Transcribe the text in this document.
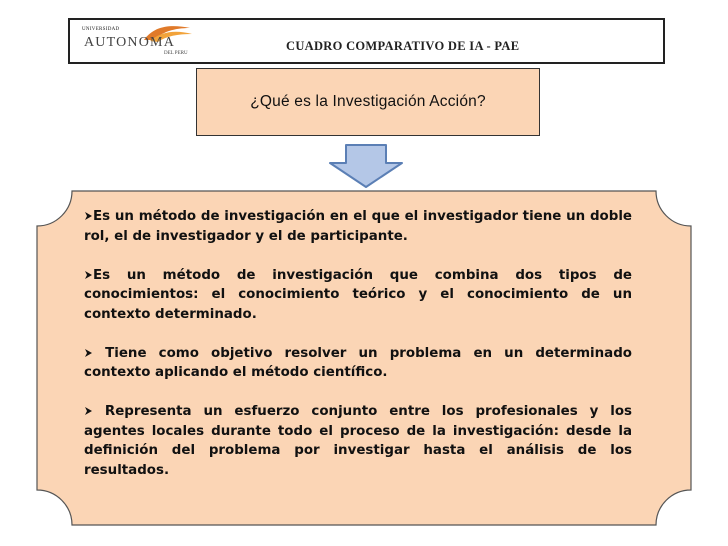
UNIVERSIDAD
AUTONOMA
DEL PERU
CUADRO COMPARATIVO DE IA - PAE
¿Qué es la Investigación Acción?

Es un método de investigación en el que el investigador tiene un doble rol, el de investigador y el de participante.

Es un método de investigación que combina dos tipos de conocimientos: el conocimiento teórico y el conocimiento de un contexto determinado.

Tiene como objetivo resolver un problema en un determinado contexto aplicando el método científico.

Representa un esfuerzo conjunto entre los profesionales y los agentes locales durante todo el proceso de la investigación: desde la definición del problema por investigar hasta el análisis de los resultados.
